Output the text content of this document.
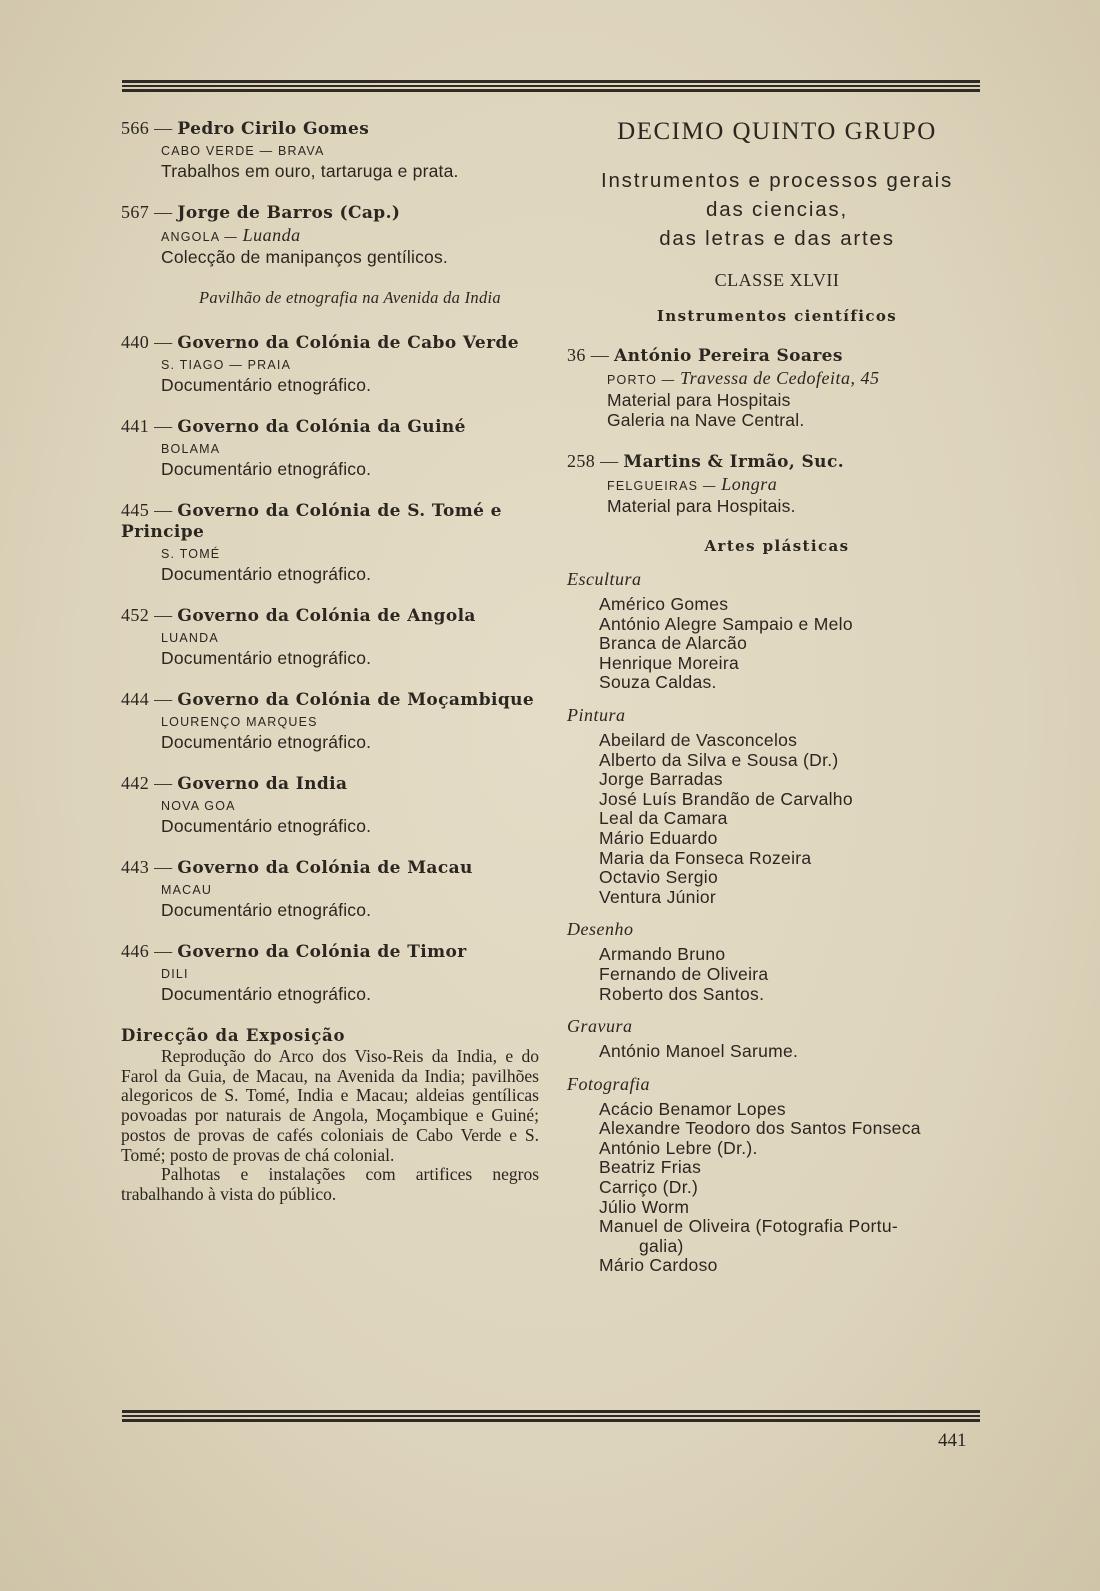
566 — Pedro Cirilo Gomes
CABO VERDE — BRAVA
Trabalhos em ouro, tartaruga e prata.
567 — Jorge de Barros (Cap.)
ANGOLA — Luanda
Colecção de manipanços gentílicos.
Pavilhão de etnografia na Avenida da India
440 — Governo da Colónia de Cabo Verde
S. TIAGO — PRAIA
Documentário etnográfico.
441 — Governo da Colónia da Guiné
BOLAMA
Documentário etnográfico.
445 — Governo da Colónia de S. Tomé e Principe
S. TOMÉ
Documentário etnográfico.
452 — Governo da Colónia de Angola
LUANDA
Documentário etnográfico.
444 — Governo da Colónia de Moçambique
LOURENÇO MARQUES
Documentário etnográfico.
442 — Governo da India
NOVA GOA
Documentário etnográfico.
443 — Governo da Colónia de Macau
MACAU
Documentário etnográfico.
446 — Governo da Colónia de Timor
DILI
Documentário etnográfico.
Direcção da Exposição

Reprodução do Arco dos Viso-Reis da India, e do Farol da Guia, de Macau, na Avenida da India; pavilhões alegoricos de S. Tomé, India e Macau; aldeias gentílicas povoadas por naturais de Angola, Moçambique e Guiné; postos de provas de cafés coloniais de Cabo Verde e S. Tomé; posto de provas de chá colonial.

Palhotas e instalações com artifices negros trabalhando à vista do público.

DECIMO QUINTO GRUPO
Instrumentos e processos gerais
das ciencias,
das letras e das artes
CLASSE XLVII
Instrumentos científicos
36 — António Pereira Soares
PORTO — Travessa de Cedofeita, 45
Material para Hospitais
Galeria na Nave Central.
258 — Martins & Irmão, Suc.
FELGUEIRAS — Longra
Material para Hospitais.
Artes plásticas
Escultura
Américo Gomes
António Alegre Sampaio e Melo
Branca de Alarcão
Henrique Moreira
Souza Caldas.
Pintura
Abeilard de Vasconcelos
Alberto da Silva e Sousa (Dr.)
Jorge Barradas
José Luís Brandão de Carvalho
Leal da Camara
Mário Eduardo
Maria da Fonseca Rozeira
Octavio Sergio
Ventura Júnior
Desenho
Armando Bruno
Fernando de Oliveira
Roberto dos Santos.
Gravura
António Manoel Sarume.
Fotografia
Acácio Benamor Lopes
Alexandre Teodoro dos Santos Fonseca
António Lebre (Dr.).
Beatriz Frias
Carriço (Dr.)
Júlio Worm
Manuel de Oliveira (Fotografia Portu-
galia)
Mário Cardoso
441
